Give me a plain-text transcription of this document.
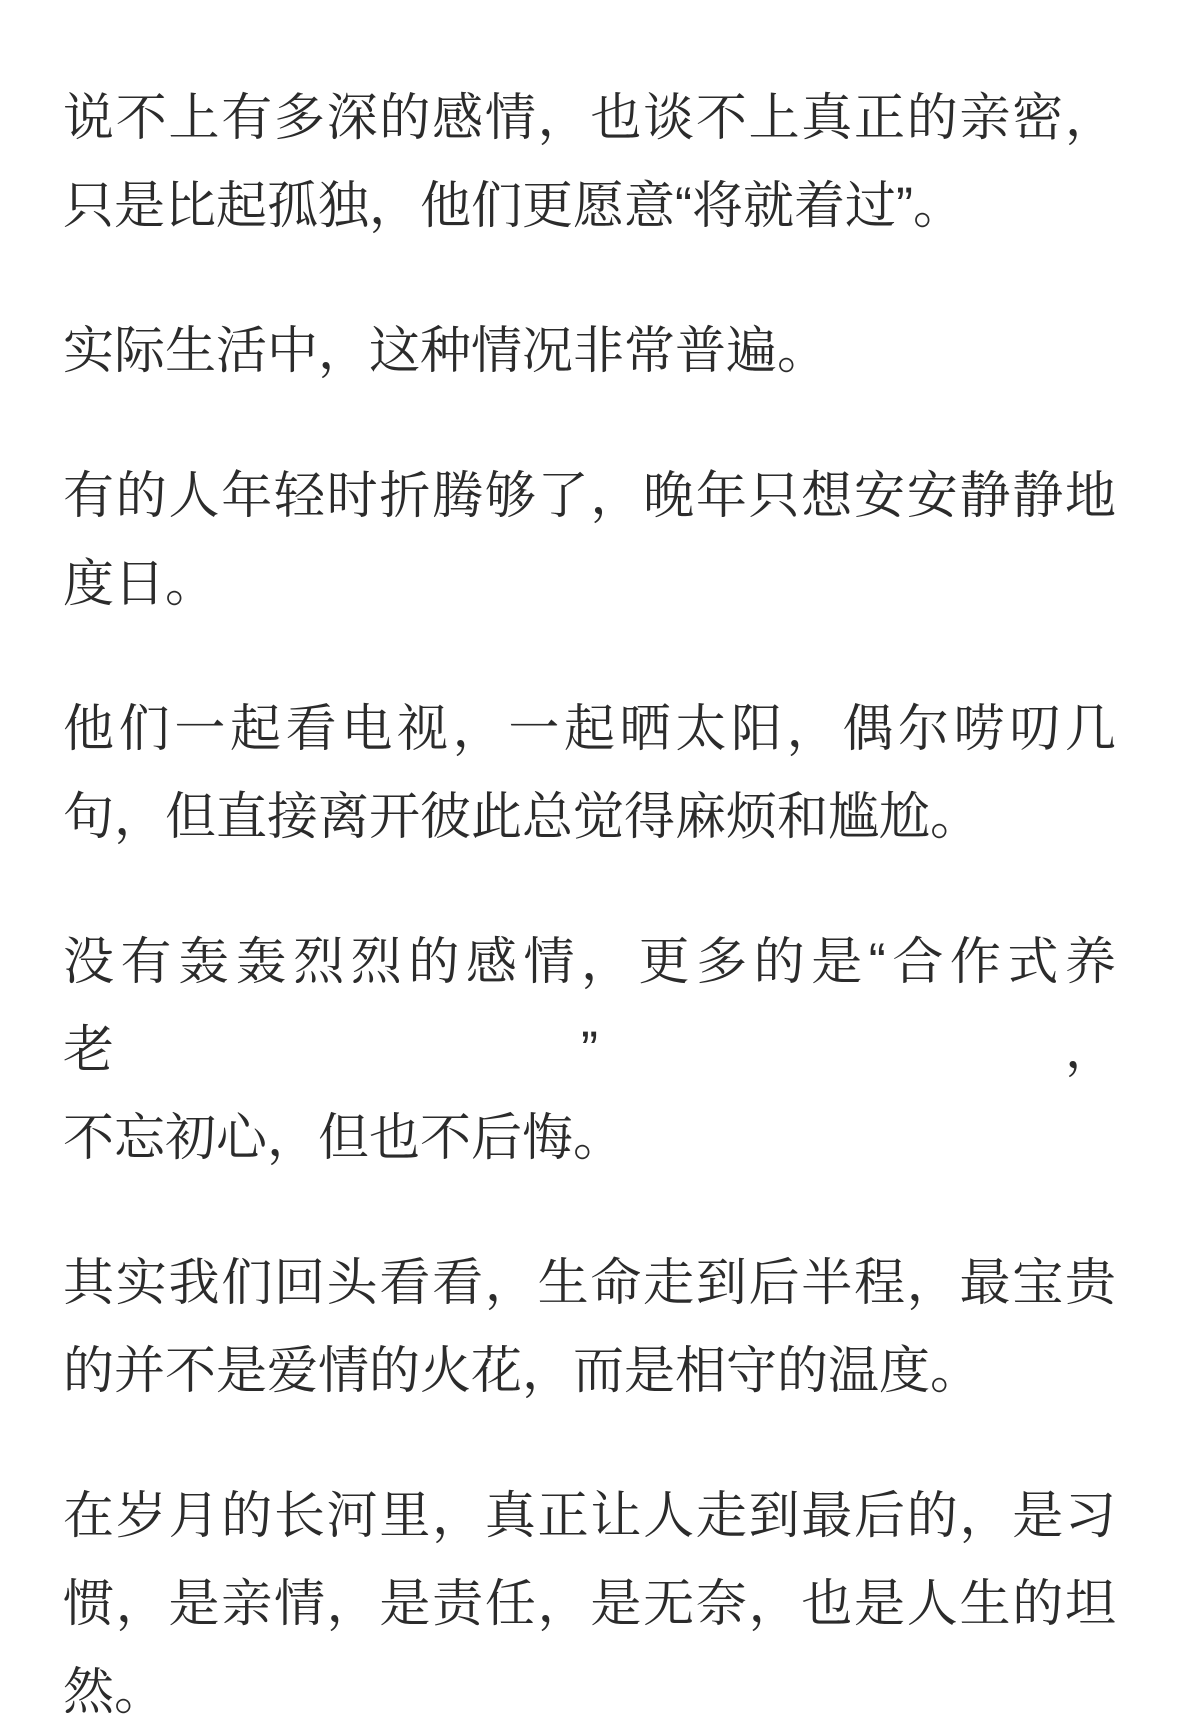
说不上有多深的感情，也谈不上真正的亲密，
只是比起孤独，他们更愿意“将就着过”。
实际生活中，这种情况非常普遍。
有的人年轻时折腾够了，晚年只想安安静静地
度日。
他们一起看电视，一起晒太阳，偶尔唠叨几
句，但直接离开彼此总觉得麻烦和尴尬。
没有轰轰烈烈的感情，更多的是“合作式养老”，
不忘初心，但也不后悔。
其实我们回头看看，生命走到后半程，最宝贵
的并不是爱情的火花，而是相守的温度。
在岁月的长河里，真正让人走到最后的，是习
惯，是亲情，是责任，是无奈，也是人生的坦
然。
